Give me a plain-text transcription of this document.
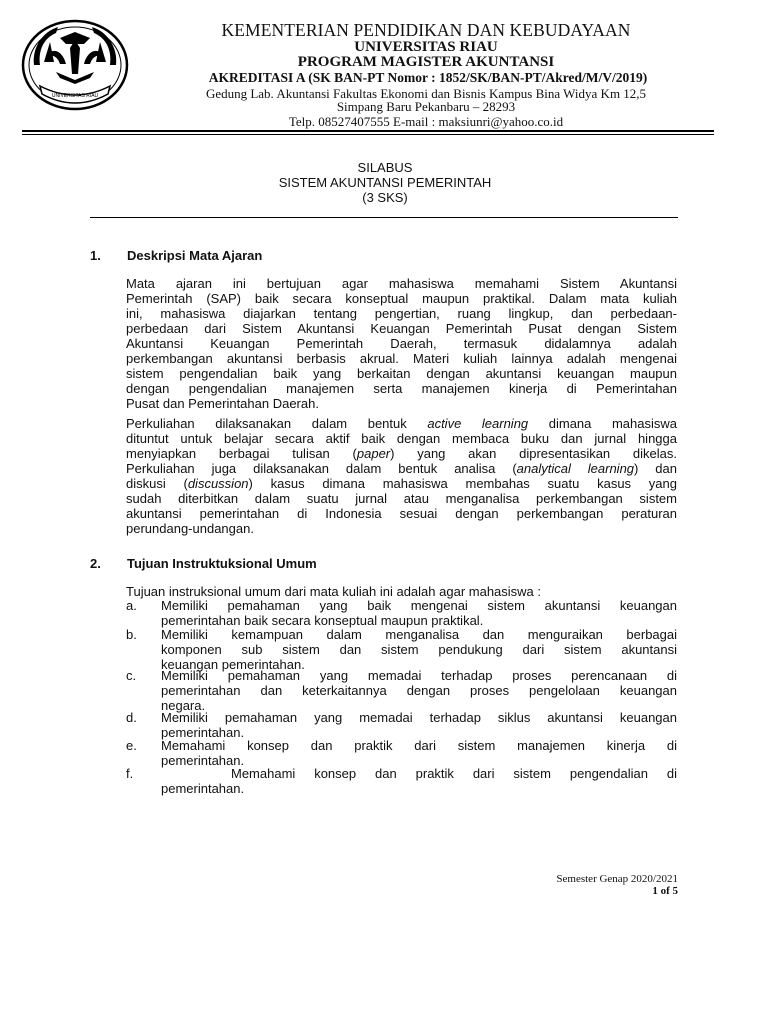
UNIVERSITAS RIAU
KEMENTERIAN PENDIDIKAN DAN KEBUDAYAAN
UNIVERSITAS RIAU
PROGRAM MAGISTER AKUNTANSI
AKREDITASI A (SK BAN-PT Nomor : 1852/SK/BAN-PT/Akred/M/V/2019)
Gedung Lab. Akuntansi Fakultas Ekonomi dan Bisnis Kampus Bina Widya Km 12,5
Simpang Baru Pekanbaru – 28293
Telp. 08527407555 E-mail : maksiunri@yahoo.co.id
SILABUS
SISTEM AKUNTANSI PEMERINTAH
(3 SKS)
1. Deskripsi Mata Ajaran
Mata ajaran ini bertujuan agar mahasiswa memahami Sistem Akuntansi
Pemerintah (SAP) baik secara konseptual maupun praktikal. Dalam mata kuliah
ini, mahasiswa diajarkan tentang pengertian, ruang lingkup, dan perbedaan-
perbedaan dari Sistem Akuntansi Keuangan Pemerintah Pusat dengan Sistem
Akuntansi Keuangan Pemerintah Daerah, termasuk didalamnya adalah
perkembangan akuntansi berbasis akrual. Materi kuliah lainnya adalah mengenai
sistem pengendalian baik yang berkaitan dengan akuntansi keuangan maupun
dengan pengendalian manajemen serta manajemen kinerja di Pemerintahan
Pusat dan Pemerintahan Daerah.
Perkuliahan dilaksanakan dalam bentuk active learning dimana mahasiswa
dituntut untuk belajar secara aktif baik dengan membaca buku dan jurnal hingga
menyiapkan berbagai tulisan (paper) yang akan dipresentasikan dikelas.
Perkuliahan juga dilaksanakan dalam bentuk analisa (analytical learning) dan
diskusi (discussion) kasus dimana mahasiswa membahas suatu kasus yang
sudah diterbitkan dalam suatu jurnal atau menganalisa perkembangan sistem
akuntansi pemerintahan di Indonesia sesuai dengan perkembangan peraturan
perundang-undangan.
2. Tujuan Instruktuksional Umum
Tujuan instruksional umum dari mata kuliah ini adalah agar mahasiswa :
a. Memiliki pemahaman yang baik mengenai sistem akuntansi keuangan
pemerintahan baik secara konseptual maupun praktikal.
b. Memiliki kemampuan dalam menganalisa dan menguraikan berbagai
komponen sub sistem dan sistem pendukung dari sistem akuntansi
keuangan pemerintahan.
c. Memiliki pemahaman yang memadai terhadap proses perencanaan di
pemerintahan dan keterkaitannya dengan proses pengelolaan keuangan
negara.
d. Memiliki pemahaman yang memadai terhadap siklus akuntansi keuangan
pemerintahan.
e. Memahami konsep dan praktik dari sistem manajemen kinerja di
pemerintahan.
f.	Memahami konsep dan praktik dari sistem pengendalian di
pemerintahan.
Semester Genap 2020/2021
1 of 5
